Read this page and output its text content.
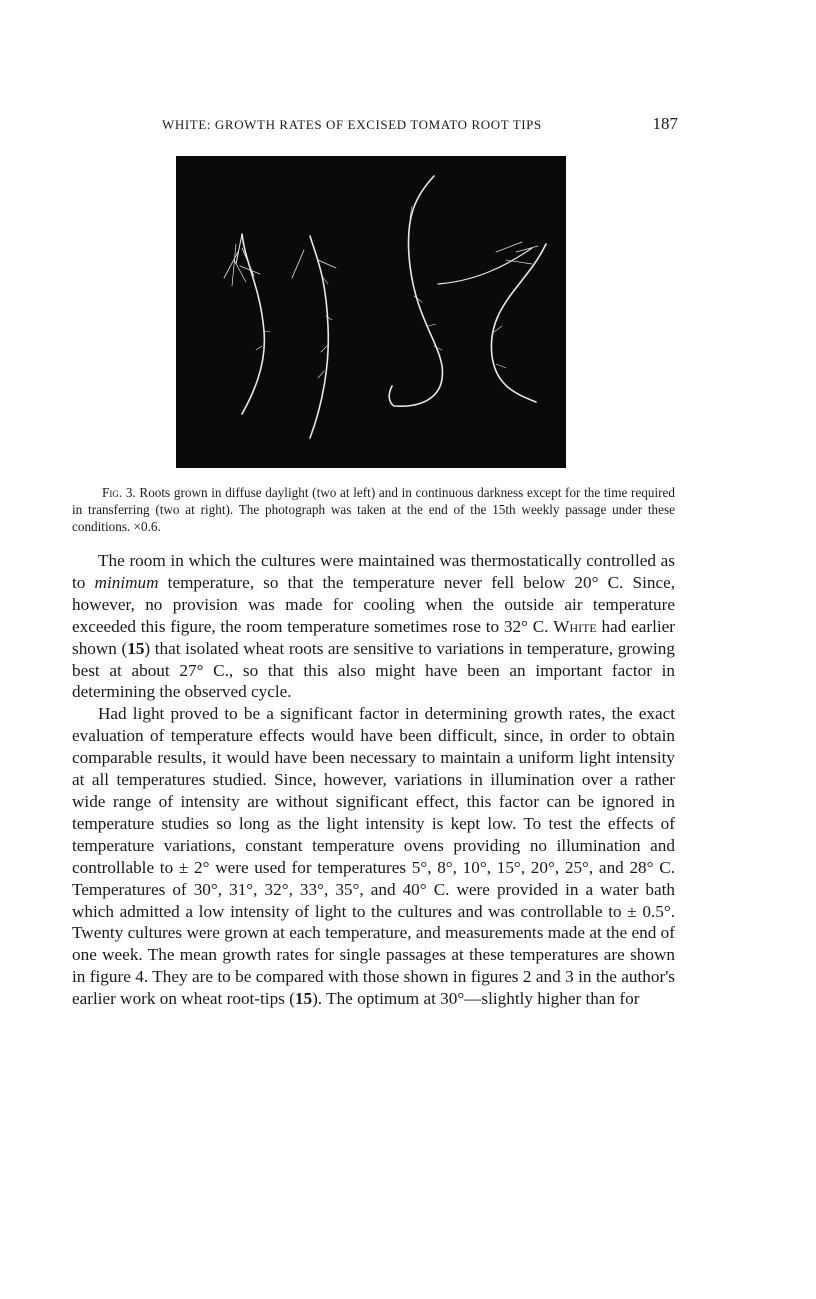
WHITE: GROWTH RATES OF EXCISED TOMATO ROOT TIPS	187
Fig. 3. Roots grown in diffuse daylight (two at left) and in continuous darkness except for the time required in transferring (two at right). The photograph was taken at the end of the 15th weekly passage under these conditions. ×0.6.

The room in which the cultures were maintained was thermostatically controlled as to minimum temperature, so that the temperature never fell below 20° C. Since, however, no provision was made for cooling when the outside air temperature exceeded this figure, the room temperature sometimes rose to 32° C. White had earlier shown (15) that isolated wheat roots are sensitive to variations in temperature, growing best at about 27° C., so that this also might have been an important factor in determining the observed cycle.

Had light proved to be a significant factor in determining growth rates, the exact evaluation of temperature effects would have been difficult, since, in order to obtain comparable results, it would have been necessary to maintain a uniform light intensity at all temperatures studied. Since, however, variations in illumination over a rather wide range of intensity are without significant effect, this factor can be ignored in temperature studies so long as the light intensity is kept low. To test the effects of temperature variations, constant temperature ovens providing no illumination and controllable to ± 2° were used for temperatures 5°, 8°, 10°, 15°, 20°, 25°, and 28° C. Temperatures of 30°, 31°, 32°, 33°, 35°, and 40° C. were provided in a water bath which admitted a low intensity of light to the cultures and was controllable to ± 0.5°. Twenty cultures were grown at each temperature, and measurements made at the end of one week. The mean growth rates for single passages at these temperatures are shown in figure 4. They are to be compared with those shown in figures 2 and 3 in the author's earlier work on wheat root-tips (15). The optimum at 30°—slightly higher than for
